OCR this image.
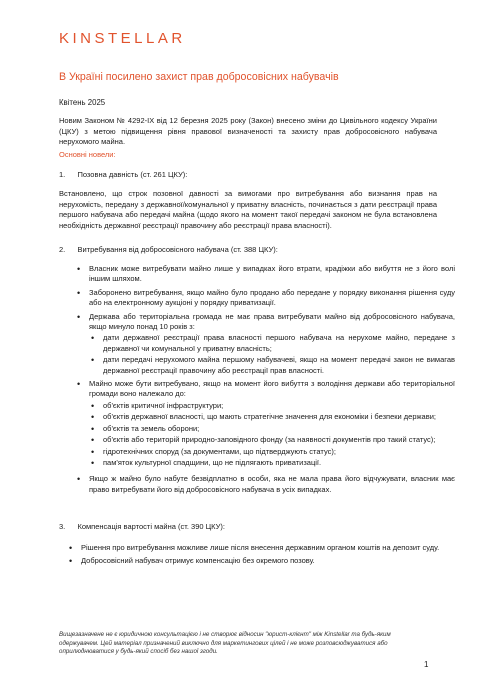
KINSTELLAR
В Україні посилено захист прав добросовісних набувачів
Квітень 2025

Новим Законом № 4292-IX від 12 березня 2025 року (Закон) внесено зміни до Цивільного кодексу України (ЦКУ) з метою підвищення рівня правової визначеності та захисту прав добросовісного набувача нерухомого майна.

Основні новели:
1. Позовна давність (ст. 261 ЦКУ):

Встановлено, що строк позовної давності за вимогами про витребування або визнання прав на нерухомість, передану з державної/комунальної у приватну власність, починається з дати реєстрації права першого набувача або передачі майна (щодо якого на момент такої передачі законом не була встановлена необхідність державної реєстрації правочину або реєстрації права власності).

2. Витребування від добросовісного набувача (ст. 388 ЦКУ):
• Власник може витребувати майно лише у випадках його втрати, крадіжки або вибуття не з його волі іншим шляхом.
• Заборонено витребування, якщо майно було продано або передане у порядку виконання рішення суду або на електронному аукціоні у порядку приватизації.
• Держава або територіальна громада не має права витребувати майно від добросовісного набувача, якщо минуло понад 10 років з:
• дати державної реєстрації права власності першого набувача на нерухоме майно, передане з державної чи комунальної у приватну власність;
• дати передачі нерухомого майна першому набувачеві, якщо на момент передачі закон не вимагав державної реєстрації правочину або реєстрації прав власності.
• Майно може бути витребувано, якщо на момент його вибуття з володіння держави або територіальної громади воно належало до:
• об'єктів критичної інфраструктури;
• об'єктів державної власності, що мають стратегічне значення для економіки і безпеки держави;
• об'єктів та земель оборони;
• об'єктів або територій природно-заповідного фонду (за наявності документів про такий статус);
• гідротехнічних споруд (за документами, що підтверджують статус);
• пам'яток культурної спадщини, що не підлягають приватизації.
• Якщо ж майно було набуте безвідплатно в особи, яка не мала права його відчужувати, власник має право витребувати його від добросовісного набувача в усіх випадках.
3. Компенсація вартості майна (ст. 390 ЦКУ):
• Рішення про витребування можливе лише після внесення державним органом коштів на депозит суду.
• Добросовісний набувач отримує компенсацію без окремого позову.
Вищезазначене не є юридичною консультацією і не створює відносин "юрист-клієнт" між Kinstellar та будь-яким одержувачем. Цей матеріал призначений виключно для маркетингових цілей і не може розповсюджуватися або оприлюднюватися у будь-який спосіб без нашої згоди.
1
